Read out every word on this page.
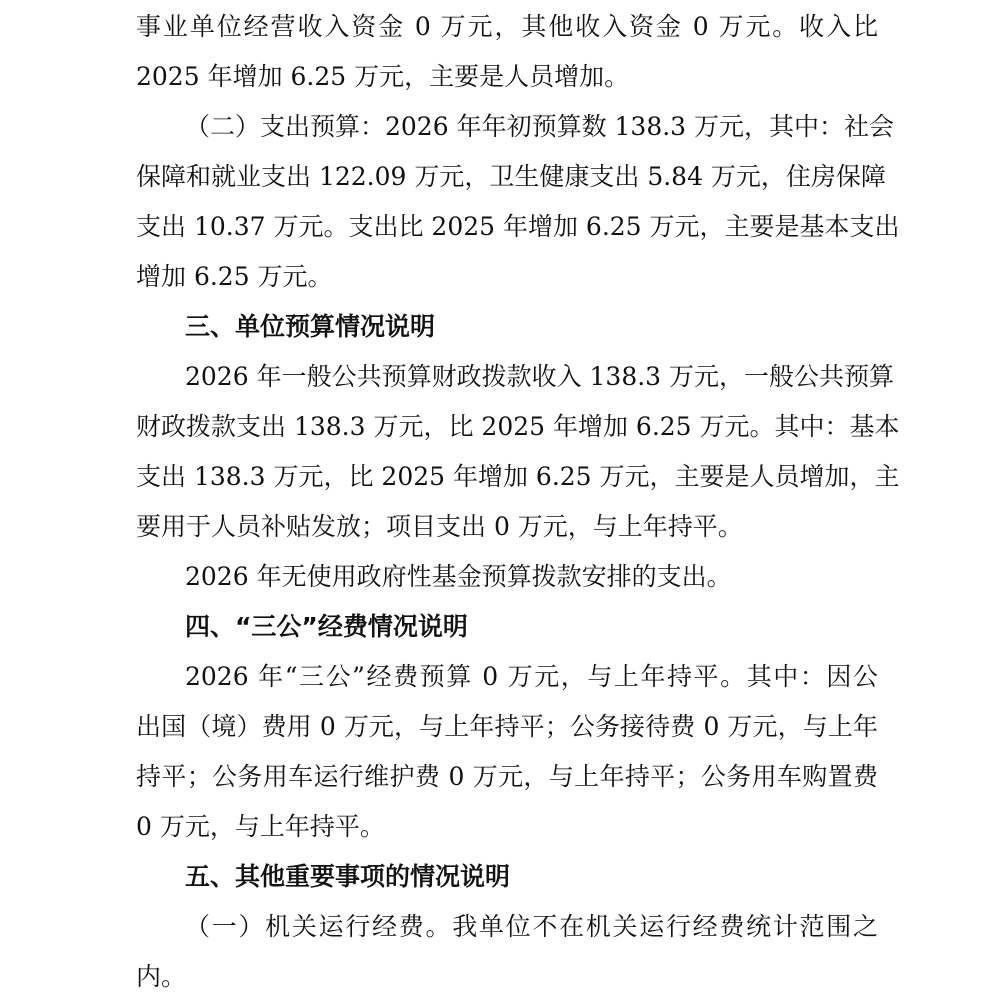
事业单位经营收入资金 0 万元，其他收入资金 0 万元。收入比
2025 年增加 6.25 万元，主要是人员增加。
（二）支出预算：2026 年年初预算数 138.3 万元，其中：社会
保障和就业支出 122.09 万元，卫生健康支出 5.84 万元，住房保障
支出 10.37 万元。支出比 2025 年增加 6.25 万元，主要是基本支出
增加 6.25 万元。
三、单位预算情况说明
2026 年一般公共预算财政拨款收入 138.3 万元，一般公共预算
财政拨款支出 138.3 万元，比 2025 年增加 6.25 万元。其中：基本
支出 138.3 万元，比 2025 年增加 6.25 万元，主要是人员增加，主
要用于人员补贴发放；项目支出 0 万元，与上年持平。
2026 年无使用政府性基金预算拨款安排的支出。
四、“三公”经费情况说明
2026 年“三公”经费预算 0 万元，与上年持平。其中：因公
出国（境）费用 0 万元，与上年持平；公务接待费 0 万元，与上年
持平；公务用车运行维护费 0 万元，与上年持平；公务用车购置费
0 万元，与上年持平。
五、其他重要事项的情况说明
（一）机关运行经费。我单位不在机关运行经费统计范围之
内。
